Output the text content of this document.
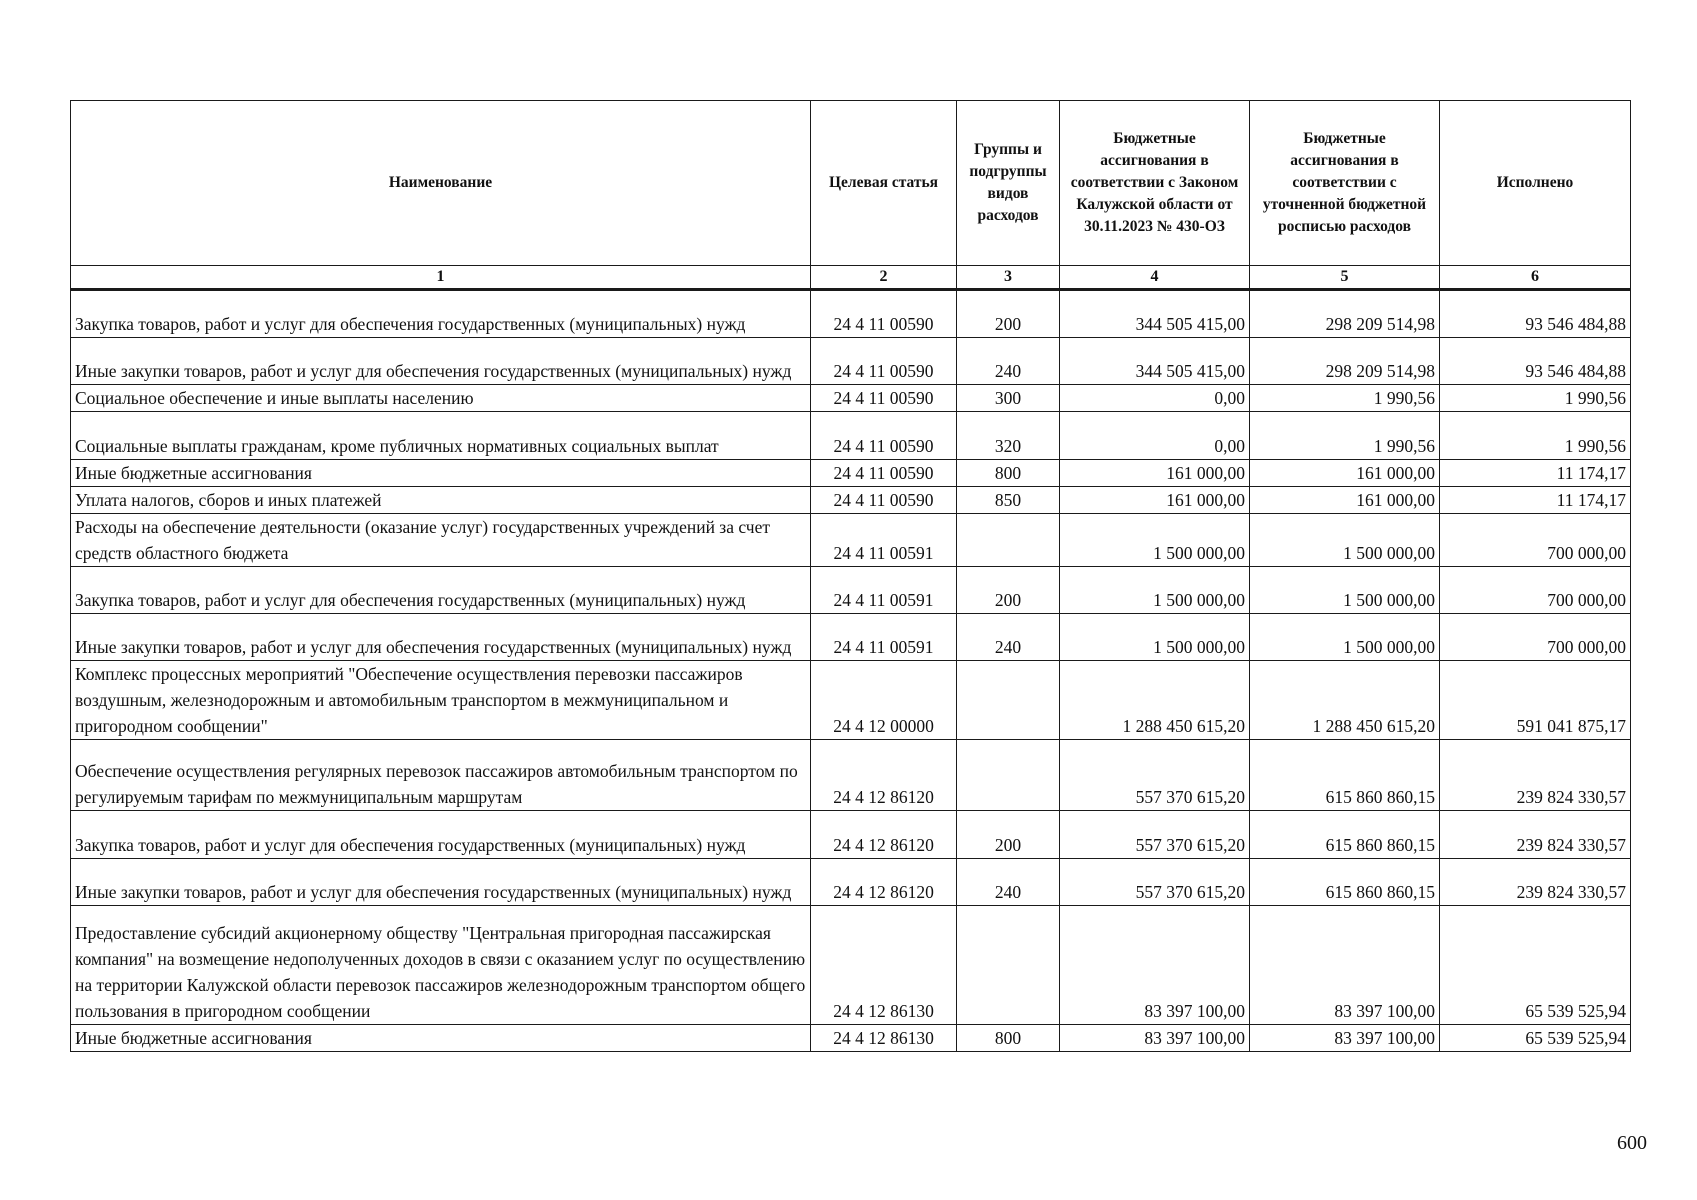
Наименование	Целевая статья	Группы и подгруппы видов расходов	Бюджетные ассигнования в соответствии с Законом Калужской области от 30.11.2023 № 430-ОЗ	Бюджетные ассигнования в соответствии с уточненной бюджетной росписью расходов	Исполнено
1	2	3	4	5	6
Закупка товаров, работ и услуг для обеспечения государственных (муниципальных) нужд	24 4 11 00590	200	344 505 415,00	298 209 514,98	93 546 484,88
Иные закупки товаров, работ и услуг для обеспечения государственных (муниципальных) нужд	24 4 11 00590	240	344 505 415,00	298 209 514,98	93 546 484,88
Социальное обеспечение и иные выплаты населению	24 4 11 00590	300	0,00	1 990,56	1 990,56
Социальные выплаты гражданам, кроме публичных нормативных социальных выплат	24 4 11 00590	320	0,00	1 990,56	1 990,56
Иные бюджетные ассигнования	24 4 11 00590	800	161 000,00	161 000,00	11 174,17
Уплата налогов, сборов и иных платежей	24 4 11 00590	850	161 000,00	161 000,00	11 174,17
Расходы на обеспечение деятельности (оказание услуг) государственных учреждений за счет средств областного бюджета	24 4 11 00591		1 500 000,00	1 500 000,00	700 000,00
Закупка товаров, работ и услуг для обеспечения государственных (муниципальных) нужд	24 4 11 00591	200	1 500 000,00	1 500 000,00	700 000,00
Иные закупки товаров, работ и услуг для обеспечения государственных (муниципальных) нужд	24 4 11 00591	240	1 500 000,00	1 500 000,00	700 000,00
Комплекс процессных мероприятий "Обеспечение осуществления перевозки пассажиров воздушным, железнодорожным и автомобильным транспортом в межмуниципальном и пригородном сообщении"	24 4 12 00000		1 288 450 615,20	1 288 450 615,20	591 041 875,17
Обеспечение осуществления регулярных перевозок пассажиров автомобильным транспортом по регулируемым тарифам по межмуниципальным маршрутам	24 4 12 86120		557 370 615,20	615 860 860,15	239 824 330,57
Закупка товаров, работ и услуг для обеспечения государственных (муниципальных) нужд	24 4 12 86120	200	557 370 615,20	615 860 860,15	239 824 330,57
Иные закупки товаров, работ и услуг для обеспечения государственных (муниципальных) нужд	24 4 12 86120	240	557 370 615,20	615 860 860,15	239 824 330,57
Предоставление субсидий акционерному обществу "Центральная пригородная пассажирская компания" на возмещение недополученных доходов в связи с оказанием услуг по осуществлению на территории Калужской области перевозок пассажиров железнодорожным транспортом общего пользования в пригородном сообщении	24 4 12 86130		83 397 100,00	83 397 100,00	65 539 525,94
Иные бюджетные ассигнования	24 4 12 86130	800	83 397 100,00	83 397 100,00	65 539 525,94
600
